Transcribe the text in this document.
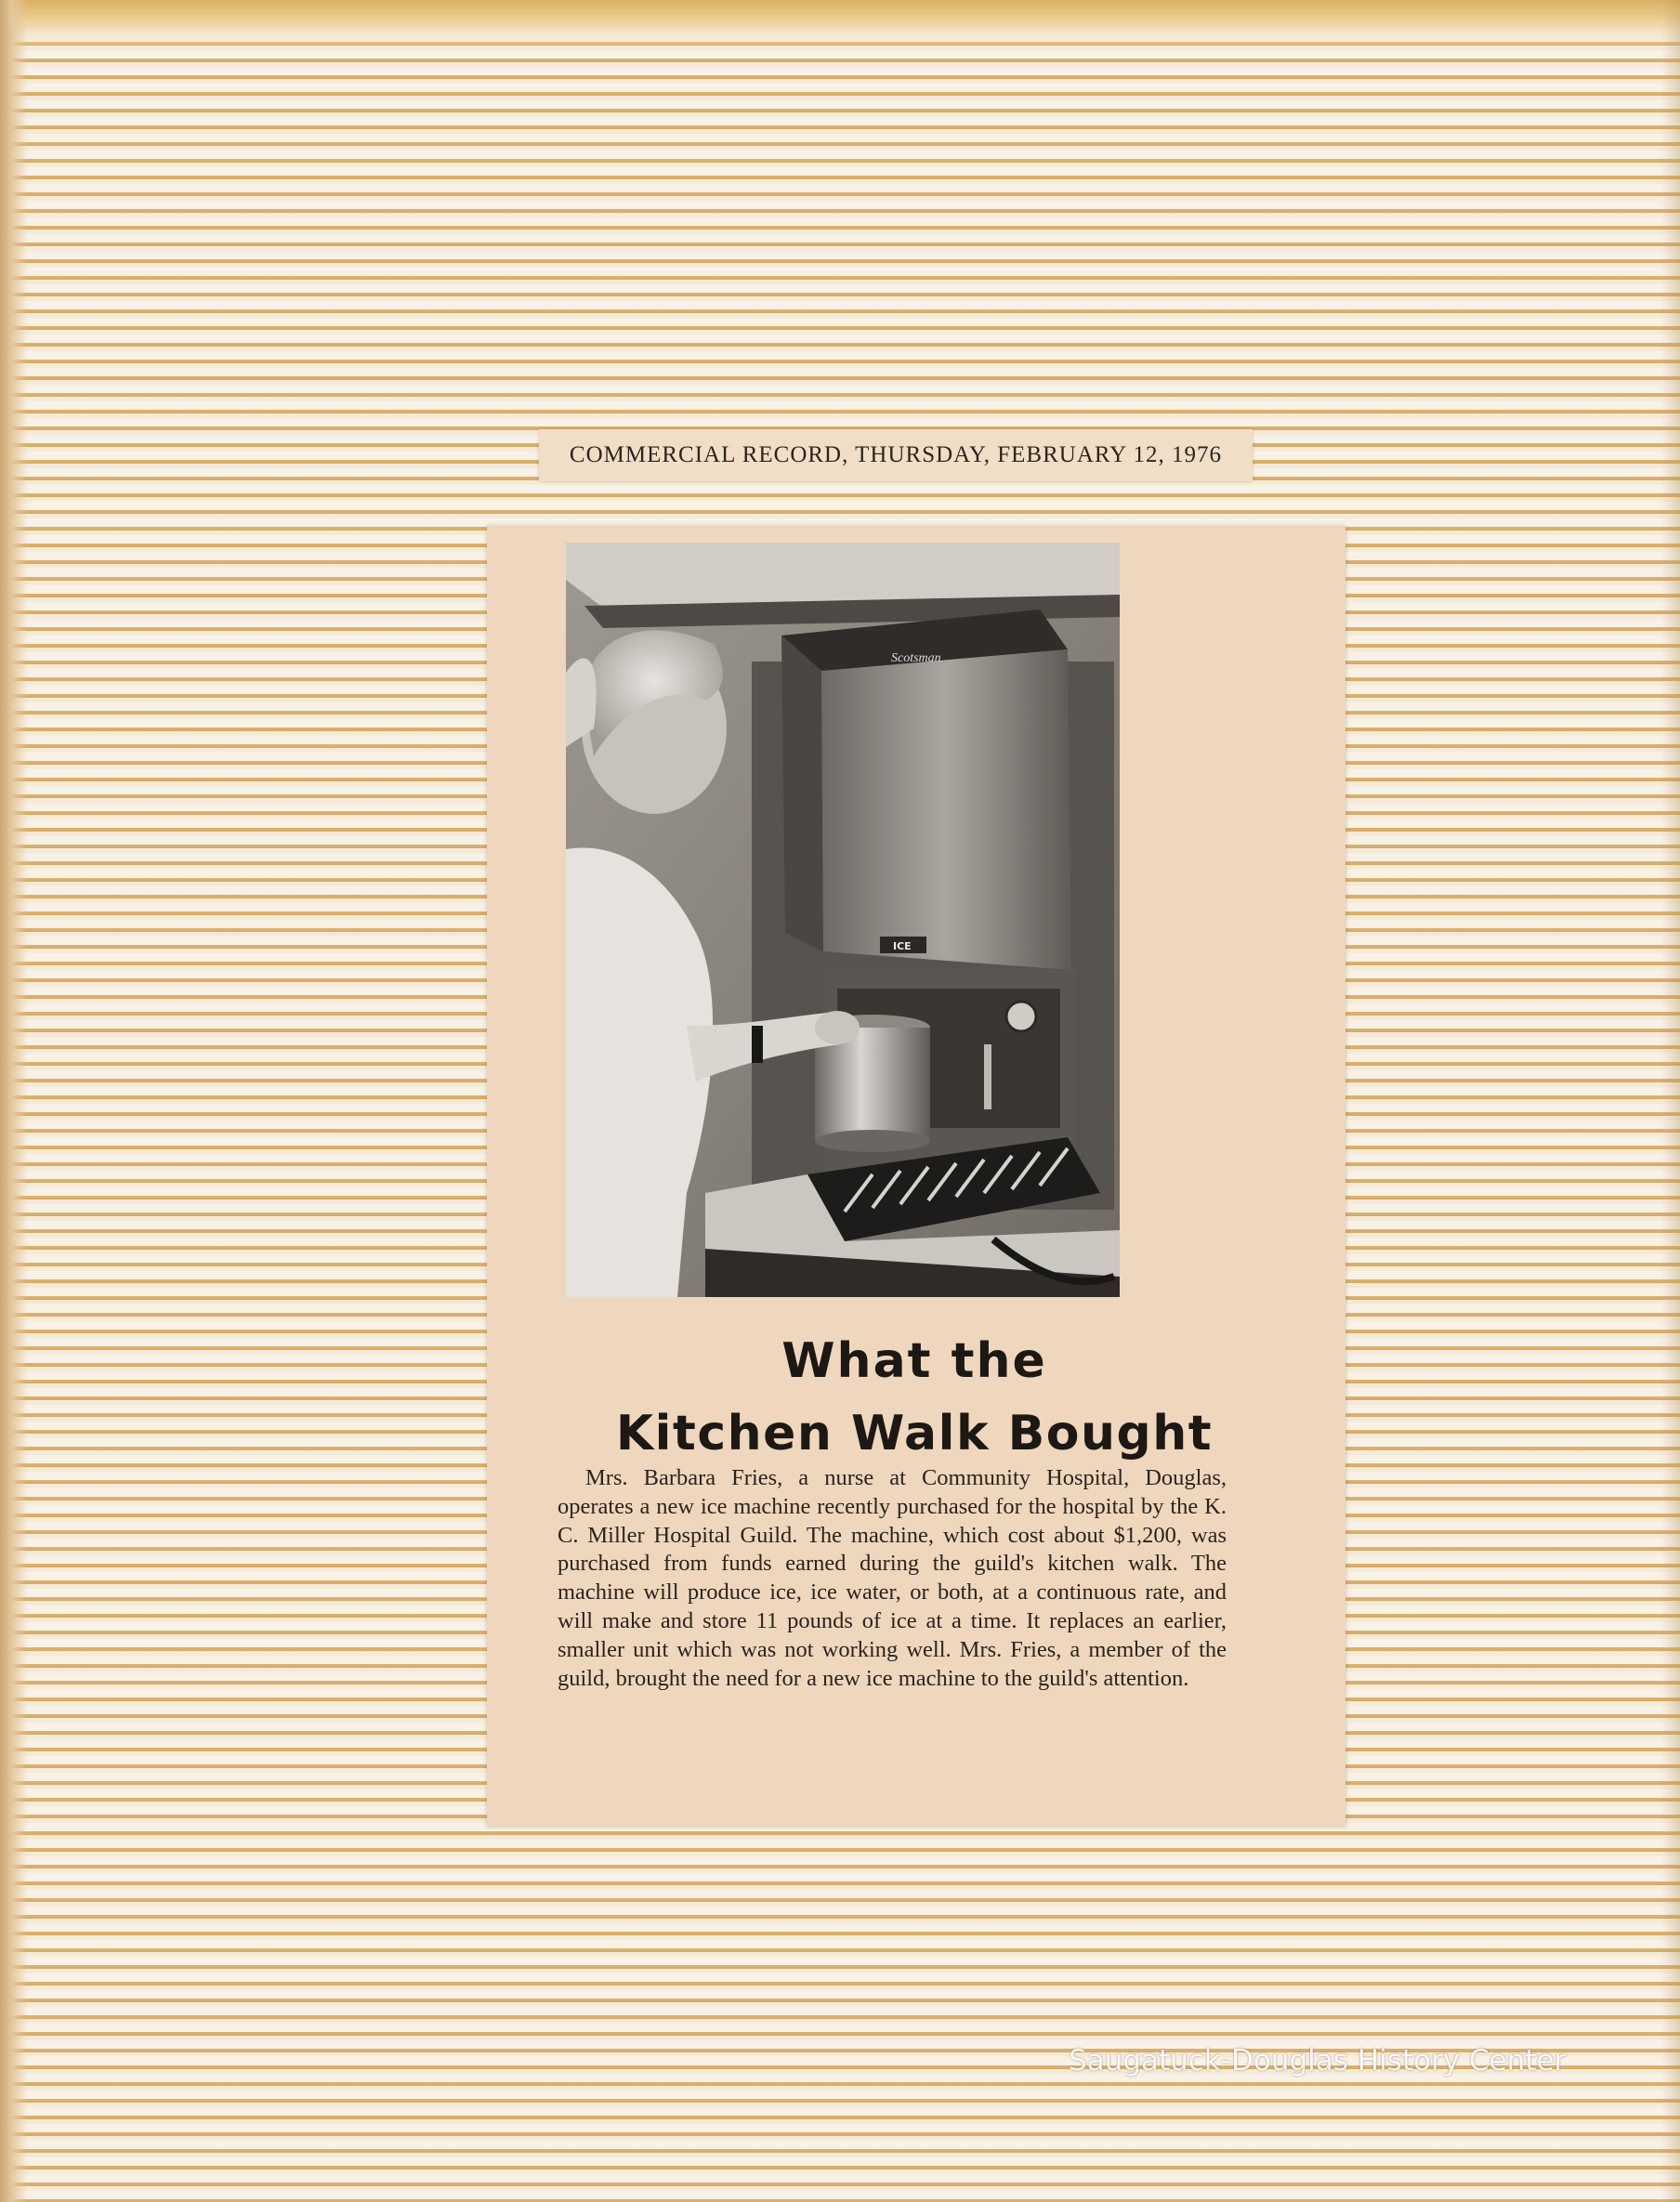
COMMERCIAL RECORD, THURSDAY, FEBRUARY 12, 1976
Scotsman
ICE
What the
Kitchen Walk Bought
Mrs. Barbara Fries, a nurse at Community Hospital, Douglas, operates a new ice machine recently purchased for the hospital by the K. C. Miller Hospital Guild. The machine, which cost about $1,200, was purchased from funds earned during the guild's kitchen walk. The machine will produce ice, ice water, or both, at a continuous rate, and will make and store 11 pounds of ice at a time. It replaces an earlier, smaller unit which was not working well. Mrs. Fries, a member of the guild, brought the need for a new ice machine to the guild's attention.
Saugatuck-Douglas History Center
